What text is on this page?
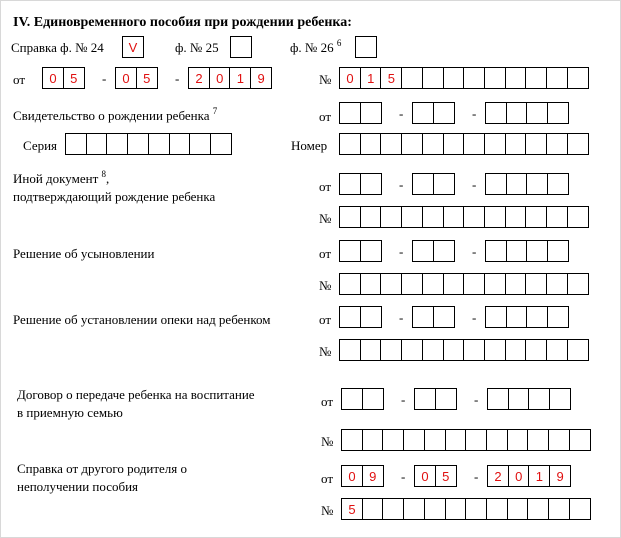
IV. Единовременного пособия при рождении ребенка:
Справка ф. № 24	V	ф. № 25	ф. № 26 $^6$
от	0	5	-	0	5	-	2	0	1	9	№	0	1	5
Свидетельство о рождении ребенка $^7$	от
Серия	Номер
Иной документ $^8$,
подтверждающий рождение ребенка
от
№
Решение об усыновлении	от
№
Решение об установлении опеки над ребенком	от
№
Договор о передаче ребенка на воспитание
в приемную семью
от
№
Справка от другого родителя о
неполучении пособия
от	0	9	-	0	5	-	2	0	1	9
№	5
-	-
-	-
-	-
-	-
-	-
